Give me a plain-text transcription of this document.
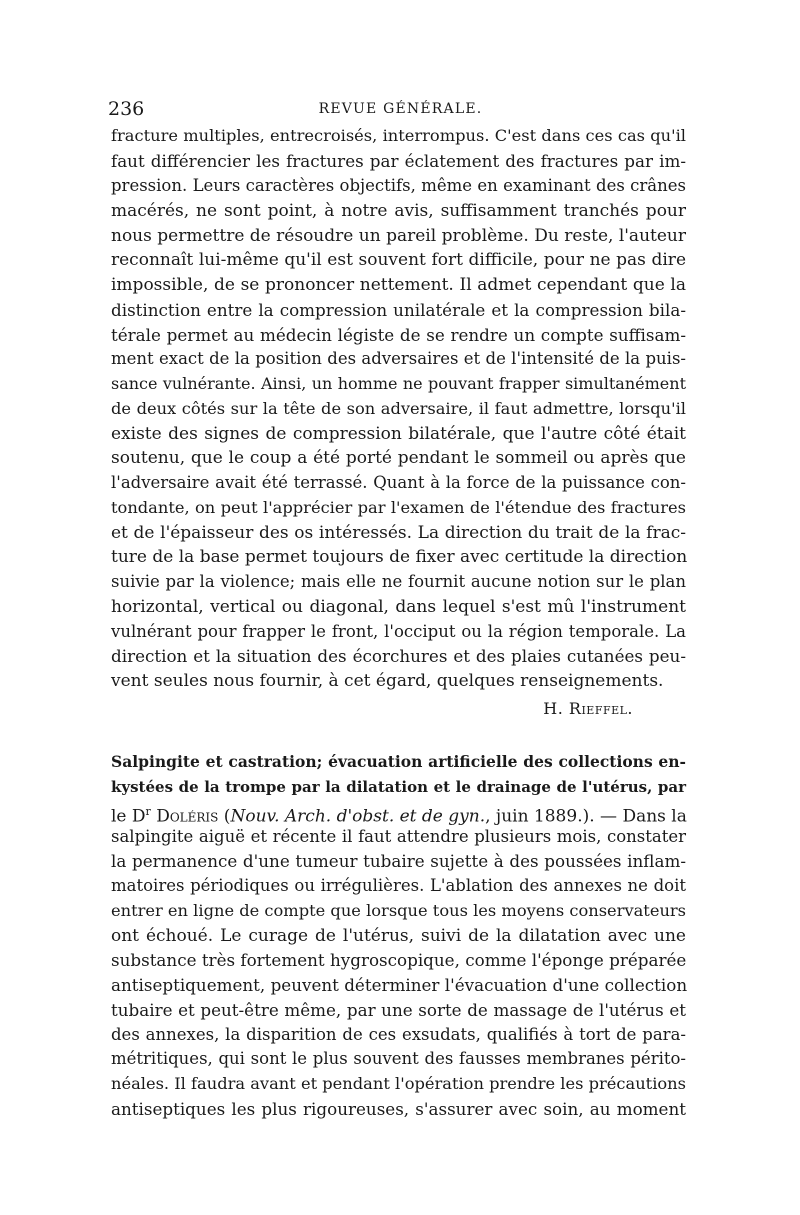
236	REVUE GÉNÉRALE.
fracture multiples, entrecroisés, interrompus. C'est dans ces cas qu'il
faut différencier les fractures par éclatement des fractures par im-
pression. Leurs caractères objectifs, même en examinant des crânes
macérés, ne sont point, à notre avis, suffisamment tranchés pour
nous permettre de résoudre un pareil problème. Du reste, l'auteur
reconnaît lui-même qu'il est souvent fort difficile, pour ne pas dire
impossible, de se prononcer nettement. Il admet cependant que la
distinction entre la compression unilatérale et la compression bila-
térale permet au médecin légiste de se rendre un compte suffisam-
ment exact de la position des adversaires et de l'intensité de la puis-
sance vulnérante. Ainsi, un homme ne pouvant frapper simultanément
de deux côtés sur la tête de son adversaire, il faut admettre, lorsqu'il
existe des signes de compression bilatérale, que l'autre côté était
soutenu, que le coup a été porté pendant le sommeil ou après que
l'adversaire avait été terrassé. Quant à la force de la puissance con-
tondante, on peut l'apprécier par l'examen de l'étendue des fractures
et de l'épaisseur des os intéressés. La direction du trait de la frac-
ture de la base permet toujours de fixer avec certitude la direction
suivie par la violence; mais elle ne fournit aucune notion sur le plan
horizontal, vertical ou diagonal, dans lequel s'est mû l'instrument
vulnérant pour frapper le front, l'occiput ou la région temporale. La
direction et la situation des écorchures et des plaies cutanées peu-
vent seules nous fournir, à cet égard, quelques renseignements.
H. Rieffel.
Salpingite et castration; évacuation artificielle des collections en-
kystées de la trompe par la dilatation et le drainage de l'utérus, par
le $D^r$ Doléris (Nouv. Arch. d'obst. et de gyn., juin 1889.). — Dans la
salpingite aiguë et récente il faut attendre plusieurs mois, constater
la permanence d'une tumeur tubaire sujette à des poussées inflam-
matoires périodiques ou irrégulières. L'ablation des annexes ne doit
entrer en ligne de compte que lorsque tous les moyens conservateurs
ont échoué. Le curage de l'utérus, suivi de la dilatation avec une
substance très fortement hygroscopique, comme l'éponge préparée
antiseptiquement, peuvent déterminer l'évacuation d'une collection
tubaire et peut-être même, par une sorte de massage de l'utérus et
des annexes, la disparition de ces exsudats, qualifiés à tort de para-
métritiques, qui sont le plus souvent des fausses membranes périto-
néales. Il faudra avant et pendant l'opération prendre les précautions
antiseptiques les plus rigoureuses, s'assurer avec soin, au moment
